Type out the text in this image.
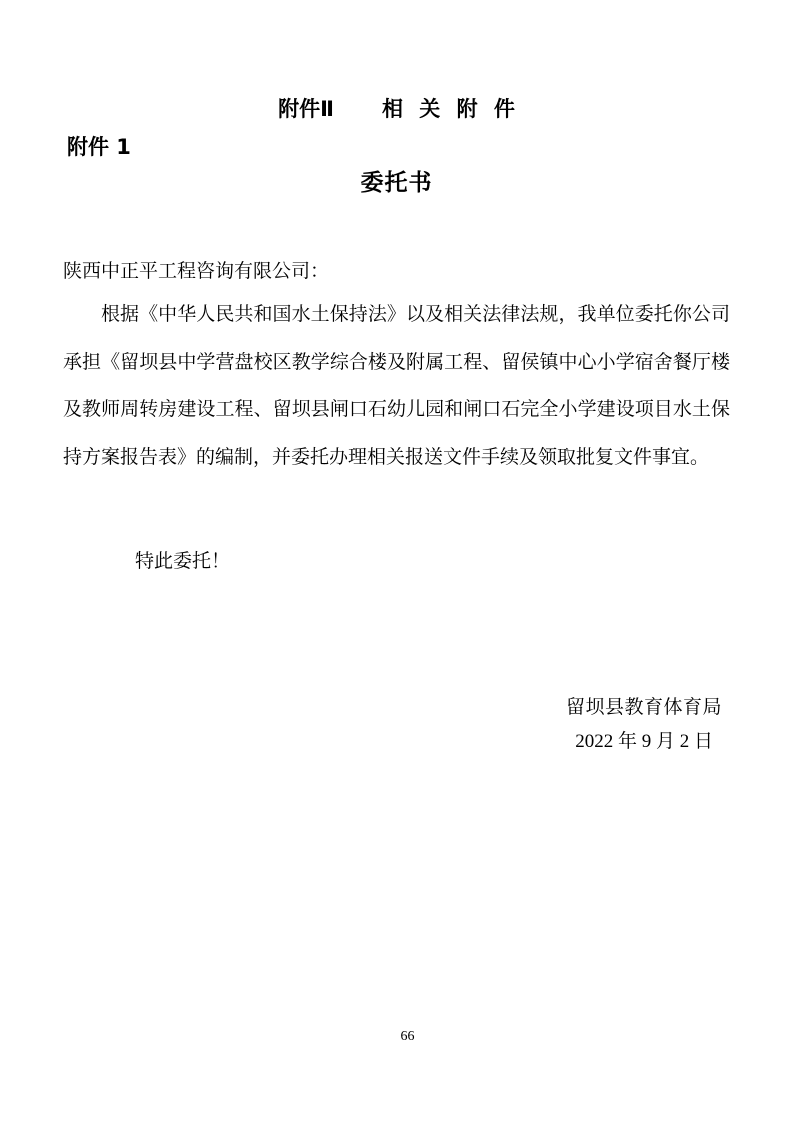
附件Ⅱ 相 关 附 件
附件 1
委托书
陕西中正平工程咨询有限公司：
根据《中华人民共和国水土保持法》以及相关法律法规，我单位委托你公司承担《留坝县中学营盘校区教学综合楼及附属工程、留侯镇中心小学宿舍餐厅楼及教师周转房建设工程、留坝县闸口石幼儿园和闸口石完全小学建设项目水土保持方案报告表》的编制，并委托办理相关报送文件手续及领取批复文件事宜。
特此委托！
留坝县教育体育局
2022 年 9 月 2 日
66
